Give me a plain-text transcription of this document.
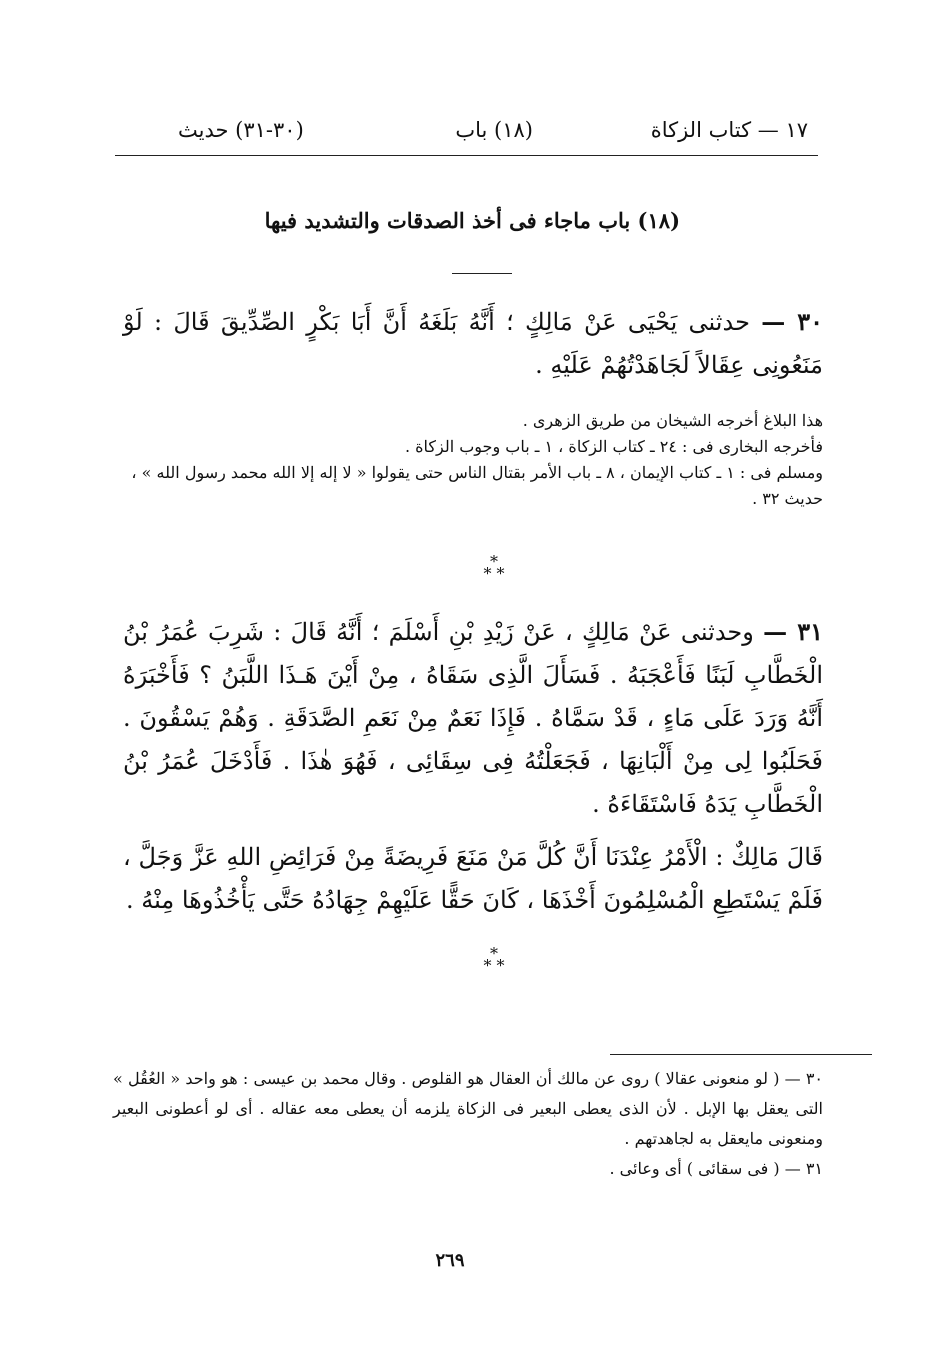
١٧ — كتاب الزكاة
(١٨) باب
(٣٠-٣١) حديث
(١٨) باب ماجاء فى أخذ الصدقات والتشديد فيها
٣٠ — حدثنى يَحْيَى عَنْ مَالِكٍ ؛ أَنَّهُ بَلَغَهُ أَنَّ أَبَا بَكْرٍ الصِّدِّيقَ قَالَ : لَوْ مَنَعُونِى عِقَالاً لَجَاهَدْتُهُمْ عَلَيْهِ .

هذا البلاغ أخرجه الشيخان من طريق الزهرى .

فأخرجه البخارى فى : ٢٤ ـ كتاب الزكاة ، ١ ـ باب وجوب الزكاة .

ومسلم فى : ١ ـ كتاب الإيمان ، ٨ ـ باب الأمر بقتال الناس حتى يقولوا « لا إله إلا الله محمد رسول الله » ، حديث ٣٢ .

*
* *
٣١ — وحدثنى عَنْ مَالِكٍ ، عَنْ زَيْدِ بْنِ أَسْلَمَ ؛ أَنَّهُ قَالَ : شَرِبَ عُمَرُ بْنُ الْخَطَّابِ لَبَنًا فَأَعْجَبَهُ . فَسَأَلَ الَّذِى سَقَاهُ ، مِنْ أَيْنَ هَـذَا اللَّبَنُ ؟ فَأَخْبَرَهُ أَنَّهُ وَرَدَ عَلَى مَاءٍ ، قَدْ سَمَّاهُ . فَإِذَا نَعَمٌ مِنْ نَعَمِ الصَّدَقَةِ . وَهُمْ يَسْقُونَ . فَحَلَبُوا لِى مِنْ أَلْبَانِهَا ، فَجَعَلْتُهُ فِى سِقَائِى ، فَهُوَ هٰذَا . فَأَدْخَلَ عُمَرُ بْنُ الْخَطَّابِ يَدَهُ فَاسْتَقَاءَهُ .
قَالَ مَالِكٌ : الْأَمْرُ عِنْدَنَا أَنَّ كُلَّ مَنْ مَنَعَ فَرِيضَةً مِنْ فَرَائِضِ اللهِ عَزَّ وَجَلَّ ، فَلَمْ يَسْتَطِعِ الْمُسْلِمُونَ أَخْذَهَا ، كَانَ حَقًّا عَلَيْهِمْ جِهَادُهُ حَتَّى يَأْخُذُوهَا مِنْهُ .
*
* *

٣٠ — ( لو منعونى عقالا ) روى عن مالك أن العقال هو القلوص . وقال محمد بن عيسى : هو واحد « العُقُل » التى يعقل بها الإبل . لأن الذى يعطى البعير فى الزكاة يلزمه أن يعطى معه عقاله . أى لو أعطونى البعير ومنعونى مايعقل به لجاهدتهم .

٣١ — ( فى سقائى ) أى وعائى .

٢٦٩
